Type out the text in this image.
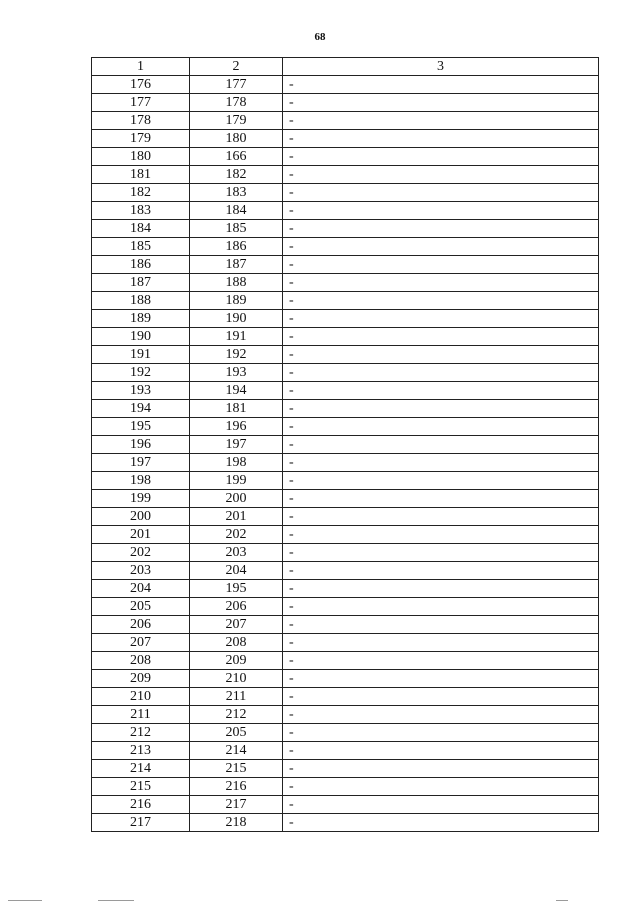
68
1	2	3
176	177	-
177	178	-
178	179	-
179	180	-
180	166	-
181	182	-
182	183	-
183	184	-
184	185	-
185	186	-
186	187	-
187	188	-
188	189	-
189	190	-
190	191	-
191	192	-
192	193	-
193	194	-
194	181	-
195	196	-
196	197	-
197	198	-
198	199	-
199	200	-
200	201	-
201	202	-
202	203	-
203	204	-
204	195	-
205	206	-
206	207	-
207	208	-
208	209	-
209	210	-
210	211	-
211	212	-
212	205	-
213	214	-
214	215	-
215	216	-
216	217	-
217	218	-
